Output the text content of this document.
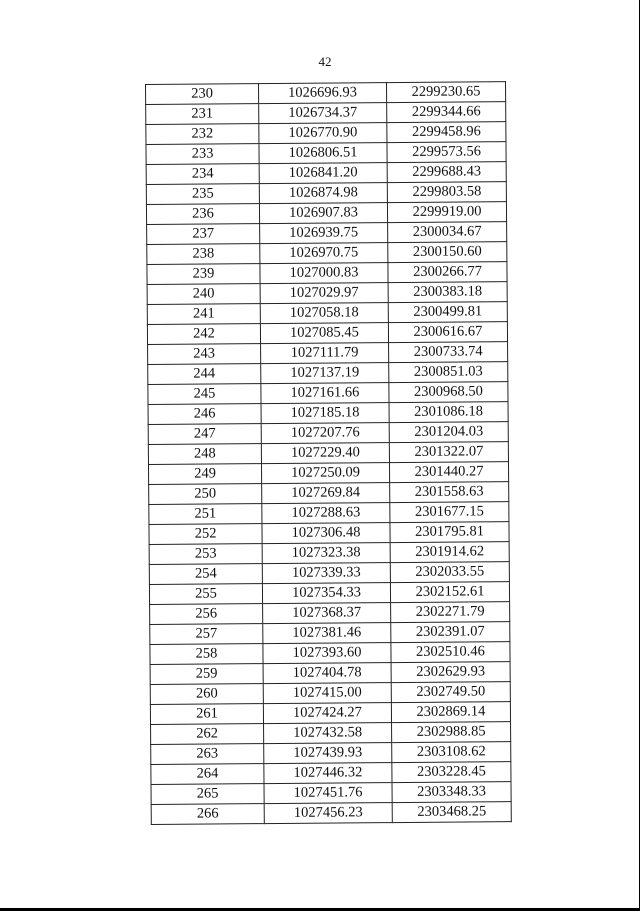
42
230	1026696.93	2299230.65
231	1026734.37	2299344.66
232	1026770.90	2299458.96
233	1026806.51	2299573.56
234	1026841.20	2299688.43
235	1026874.98	2299803.58
236	1026907.83	2299919.00
237	1026939.75	2300034.67
238	1026970.75	2300150.60
239	1027000.83	2300266.77
240	1027029.97	2300383.18
241	1027058.18	2300499.81
242	1027085.45	2300616.67
243	1027111.79	2300733.74
244	1027137.19	2300851.03
245	1027161.66	2300968.50
246	1027185.18	2301086.18
247	1027207.76	2301204.03
248	1027229.40	2301322.07
249	1027250.09	2301440.27
250	1027269.84	2301558.63
251	1027288.63	2301677.15
252	1027306.48	2301795.81
253	1027323.38	2301914.62
254	1027339.33	2302033.55
255	1027354.33	2302152.61
256	1027368.37	2302271.79
257	1027381.46	2302391.07
258	1027393.60	2302510.46
259	1027404.78	2302629.93
260	1027415.00	2302749.50
261	1027424.27	2302869.14
262	1027432.58	2302988.85
263	1027439.93	2303108.62
264	1027446.32	2303228.45
265	1027451.76	2303348.33
266	1027456.23	2303468.25
